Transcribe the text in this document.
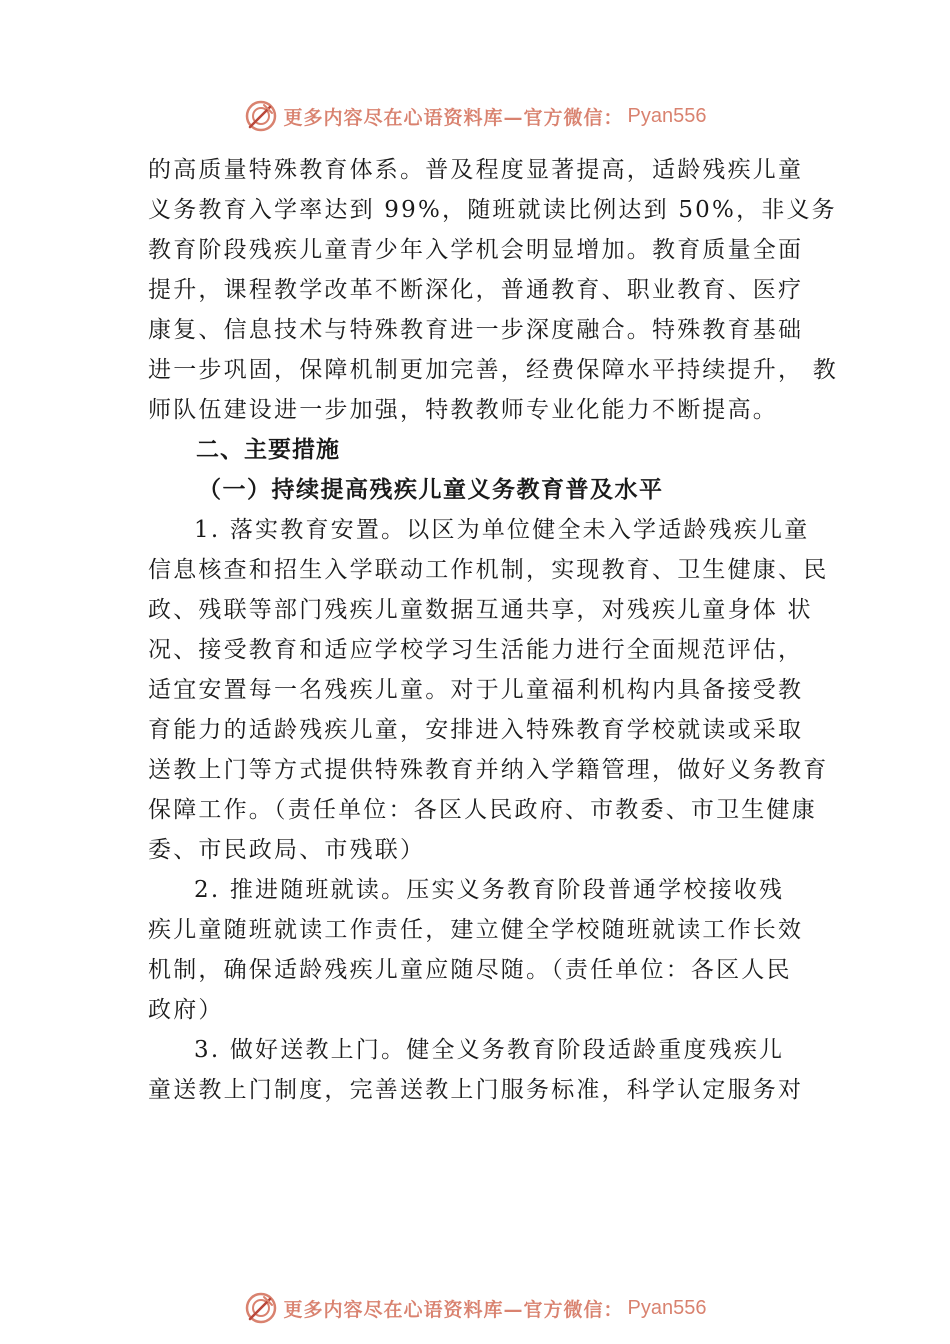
更多内容尽在心语资料库—官方微信： Pyan556
的高质量特殊教育体系。普及程度显著提高，适龄残疾儿童
义务教育入学率达到 99%，随班就读比例达到 50%，非义务
教育阶段残疾儿童青少年入学机会明显增加。教育质量全面
提升，课程教学改革不断深化，普通教育、职业教育、医疗
康复、信息技术与特殊教育进一步深度融合。特殊教育基础
进一步巩固，保障机制更加完善，经费保障水平持续提升， 教
师队伍建设进一步加强，特教教师专业化能力不断提高。
二、主要措施
（一）持续提高残疾儿童义务教育普及水平
1. 落实教育安置。以区为单位健全未入学适龄残疾儿童
信息核查和招生入学联动工作机制，实现教育、卫生健康、民
政、残联等部门残疾儿童数据互通共享，对残疾儿童身体 状
况、接受教育和适应学校学习生活能力进行全面规范评估，
适宜安置每一名残疾儿童。对于儿童福利机构内具备接受教
育能力的适龄残疾儿童，安排进入特殊教育学校就读或采取
送教上门等方式提供特殊教育并纳入学籍管理，做好义务教育
保障工作。（责任单位：各区人民政府、市教委、市卫生健康
委、市民政局、市残联）
2. 推进随班就读。压实义务教育阶段普通学校接收残
疾儿童随班就读工作责任，建立健全学校随班就读工作长效
机制，确保适龄残疾儿童应随尽随。（责任单位：各区人民
政府）
3. 做好送教上门。健全义务教育阶段适龄重度残疾儿
童送教上门制度，完善送教上门服务标准，科学认定服务对
更多内容尽在心语资料库—官方微信： Pyan556
